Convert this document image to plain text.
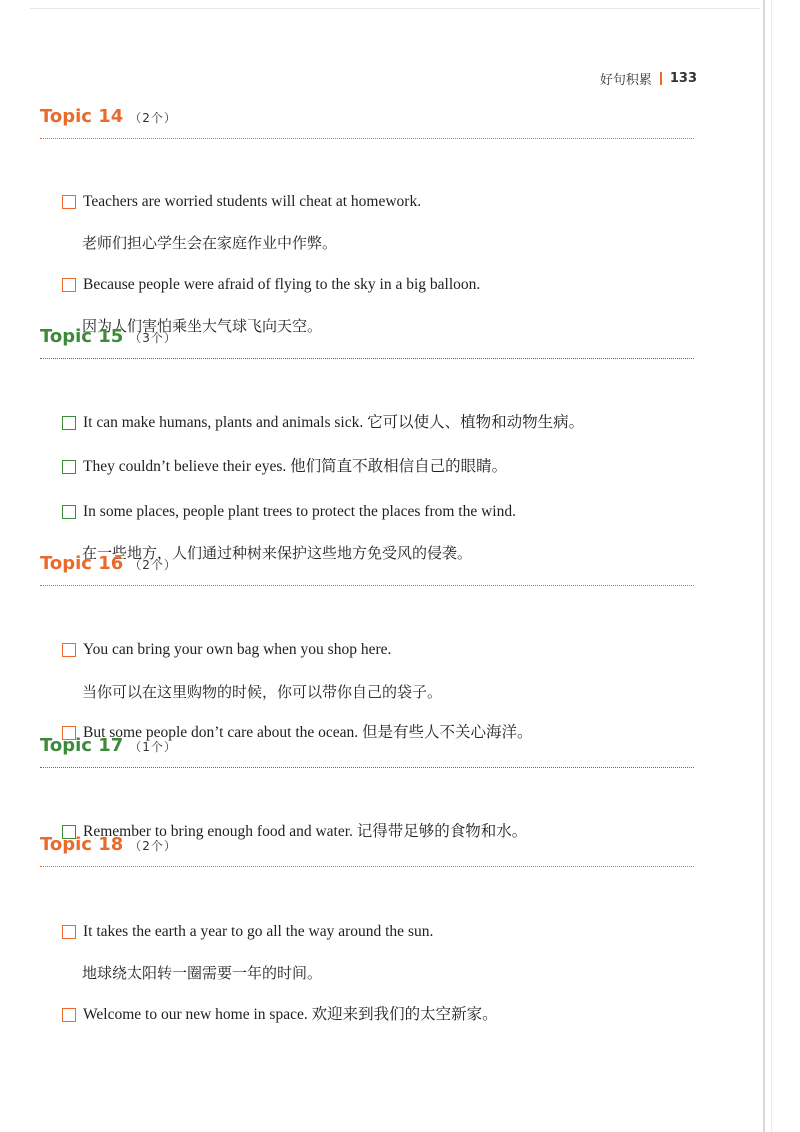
好句积累 133
Topic 14 （2个）
Teachers are worried students will cheat at homework.
老师们担心学生会在家庭作业中作弊。
Because people were afraid of flying to the sky in a big balloon.
因为人们害怕乘坐大气球飞向天空。
Topic 15 （3个）
It can make humans, plants and animals sick. 它可以使人、植物和动物生病。
They couldn’t believe their eyes. 他们简直不敢相信自己的眼睛。
In some places, people plant trees to protect the places from the wind.
在一些地方，人们通过种树来保护这些地方免受风的侵袭。
Topic 16 （2个）
You can bring your own bag when you shop here.
当你可以在这里购物的时候，你可以带你自己的袋子。
But some people don’t care about the ocean. 但是有些人不关心海洋。
Topic 17 （1个）
Remember to bring enough food and water. 记得带足够的食物和水。
Topic 18 （2个）
It takes the earth a year to go all the way around the sun.
地球绕太阳转一圈需要一年的时间。
Welcome to our new home in space. 欢迎来到我们的太空新家。
